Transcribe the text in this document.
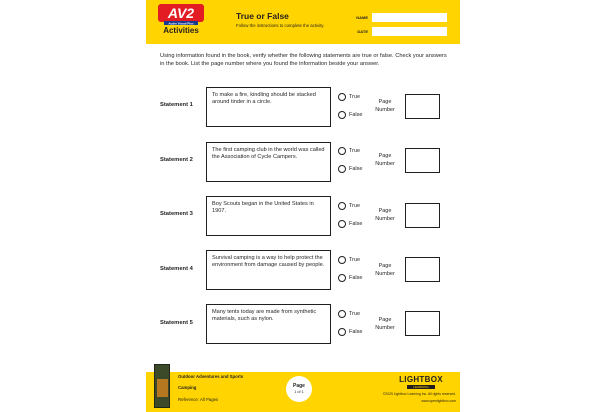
AV2
Audio Visual Plus
Activities
True or False
Follow the instructions to complete the activity.
NAME
DATE
Using information found in the book, verify whether the following statements are true or false. Check your answers in the book. List the page number where you found the information beside your answer.
Statement 1
To make a fire, kindling should be stacked around tinder in a circle.
True
False
Page
Number
Statement 2
The first camping club in the world was called the Association of Cycle Campers.
True
False
Page
Number
Statement 3
Boy Scouts began in the United States in 1907.
True
False
Page
Number
Statement 4
Survival camping is a way to help protect the environment from damage caused by people.
True
False
Page
Number
Statement 5
Many tents today are made from synthetic materials, such as nylon.
True
False
Page
Number
Outdoor Adventures and Sports
Camping
Reference: All Pages
Page
1 of 1
LIGHTBOX
LEARNING
©2025 Lightbox Learning Inc. All rights reserved.
www.openlightbox.com
